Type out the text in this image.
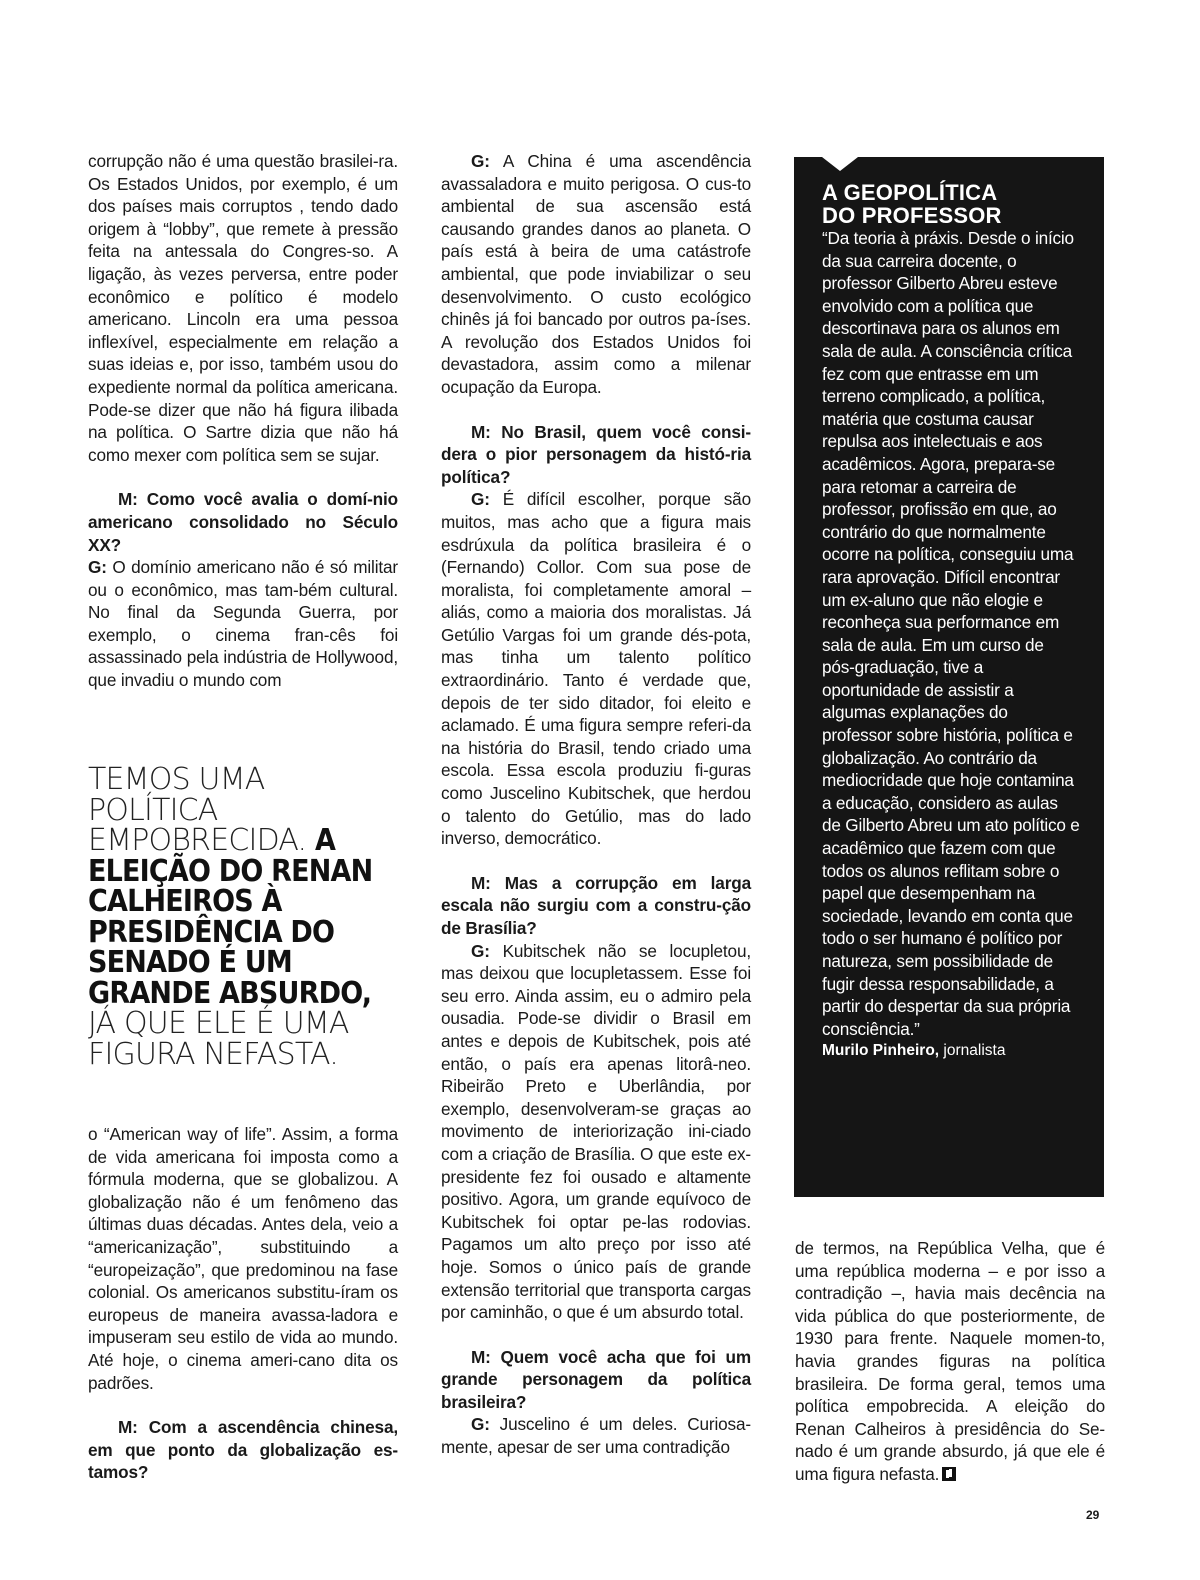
corrupção não é uma questão brasilei-ra. Os Estados Unidos, por exemplo, é um dos países mais corruptos , tendo dado origem à “lobby”, que remete à pressão feita na antessala do Congres-so. A ligação, às vezes perversa, entre poder econômico e político é modelo americano. Lincoln era uma pessoa inflexível, especialmente em relação a suas ideias e, por isso, também usou do expediente normal da política americana. Pode-se dizer que não há figura ilibada na política. O Sartre dizia que não há como mexer com política sem se sujar.

M: Como você avalia o domí-nio americano consolidado no Século XX?

G: O domínio americano não é só militar ou o econômico, mas tam-bém cultural. No final da Segunda Guerra, por exemplo, o cinema fran-cês foi assassinado pela indústria de Hollywood, que invadiu o mundo com

TEMOS UMA POLÍTICA EMPOBRECIDA. A ELEIÇÃO DO RENAN CALHEIROS À PRESIDÊNCIA DO SENADO É UM GRANDE ABSURDO, JÁ QUE ELE É UMA FIGURA NEFASTA.

o “American way of life”. Assim, a forma de vida americana foi imposta como a fórmula moderna, que se globalizou. A globalização não é um fenômeno das últimas duas décadas. Antes dela, veio a “americanização”, substituindo a “europeização”, que predominou na fase colonial. Os americanos substitu-íram os europeus de maneira avassa-ladora e impuseram seu estilo de vida ao mundo. Até hoje, o cinema ameri-cano dita os padrões.

M: Com a ascendência chinesa, em que ponto da globalização es-tamos?

G: A China é uma ascendência avassaladora e muito perigosa. O cus-to ambiental de sua ascensão está causando grandes danos ao planeta. O país está à beira de uma catástrofe ambiental, que pode inviabilizar o seu desenvolvimento. O custo ecológico chinês já foi bancado por outros pa-íses. A revolução dos Estados Unidos foi devastadora, assim como a milenar ocupação da Europa.

M: No Brasil, quem você consi-dera o pior personagem da histó-ria política?

G: É difícil escolher, porque são muitos, mas acho que a figura mais esdrúxula da política brasileira é o (Fernando) Collor. Com sua pose de moralista, foi completamente amoral – aliás, como a maioria dos moralistas. Já Getúlio Vargas foi um grande dés-pota, mas tinha um talento político extraordinário. Tanto é verdade que, depois de ter sido ditador, foi eleito e aclamado. É uma figura sempre referi-da na história do Brasil, tendo criado uma escola. Essa escola produziu fi-guras como Juscelino Kubitschek, que herdou o talento do Getúlio, mas do lado inverso, democrático.

M: Mas a corrupção em larga escala não surgiu com a constru-ção de Brasília?

G: Kubitschek não se locupletou, mas deixou que locupletassem. Esse foi seu erro. Ainda assim, eu o admiro pela ousadia. Pode-se dividir o Brasil em antes e depois de Kubitschek, pois até então, o país era apenas litorâ-neo. Ribeirão Preto e Uberlândia, por exemplo, desenvolveram-se graças ao movimento de interiorização ini-ciado com a criação de Brasília. O que este ex-presidente fez foi ousado e altamente positivo. Agora, um grande equívoco de Kubitschek foi optar pe-las rodovias. Pagamos um alto preço por isso até hoje. Somos o único país de grande extensão territorial que transporta cargas por caminhão, o que é um absurdo total.

M: Quem você acha que foi um grande personagem da política brasileira?

G: Juscelino é um deles. Curiosa-mente, apesar de ser uma contradição

A GEOPOLÍTICA
DO PROFESSOR
“Da teoria à práxis. Desde o início da sua carreira docente, o professor Gilberto Abreu esteve envolvido com a política que descortinava para os alunos em sala de aula. A consciência crítica fez com que entrasse em um terreno complicado, a política, matéria que costuma causar repulsa aos intelectuais e aos acadêmicos. Agora, prepara-se para retomar a carreira de professor, profissão em que, ao contrário do que normalmente ocorre na política, conseguiu uma rara aprovação. Difícil encontrar um ex-aluno que não elogie e reconheça sua performance em sala de aula. Em um curso de pós-graduação, tive a oportunidade de assistir a algumas explanações do professor sobre história, política e globalização. Ao contrário da mediocridade que hoje contamina a educação, considero as aulas de Gilberto Abreu um ato político e acadêmico que fazem com que todos os alunos reflitam sobre o papel que desempenham na sociedade, levando em conta que todo o ser humano é político por natureza, sem possibilidade de fugir dessa responsabilidade, a partir do despertar da sua própria consciência.”
Murilo Pinheiro, jornalista
de termos, na República Velha, que é uma república moderna – e por isso a contradição –, havia mais decência na vida pública do que posteriormente, de 1930 para frente. Naquele momen-to, havia grandes figuras na política brasileira. De forma geral, temos uma política empobrecida. A eleição do Renan Calheiros à presidência do Se-nado é um grande absurdo, já que ele é uma figura nefasta.
29
